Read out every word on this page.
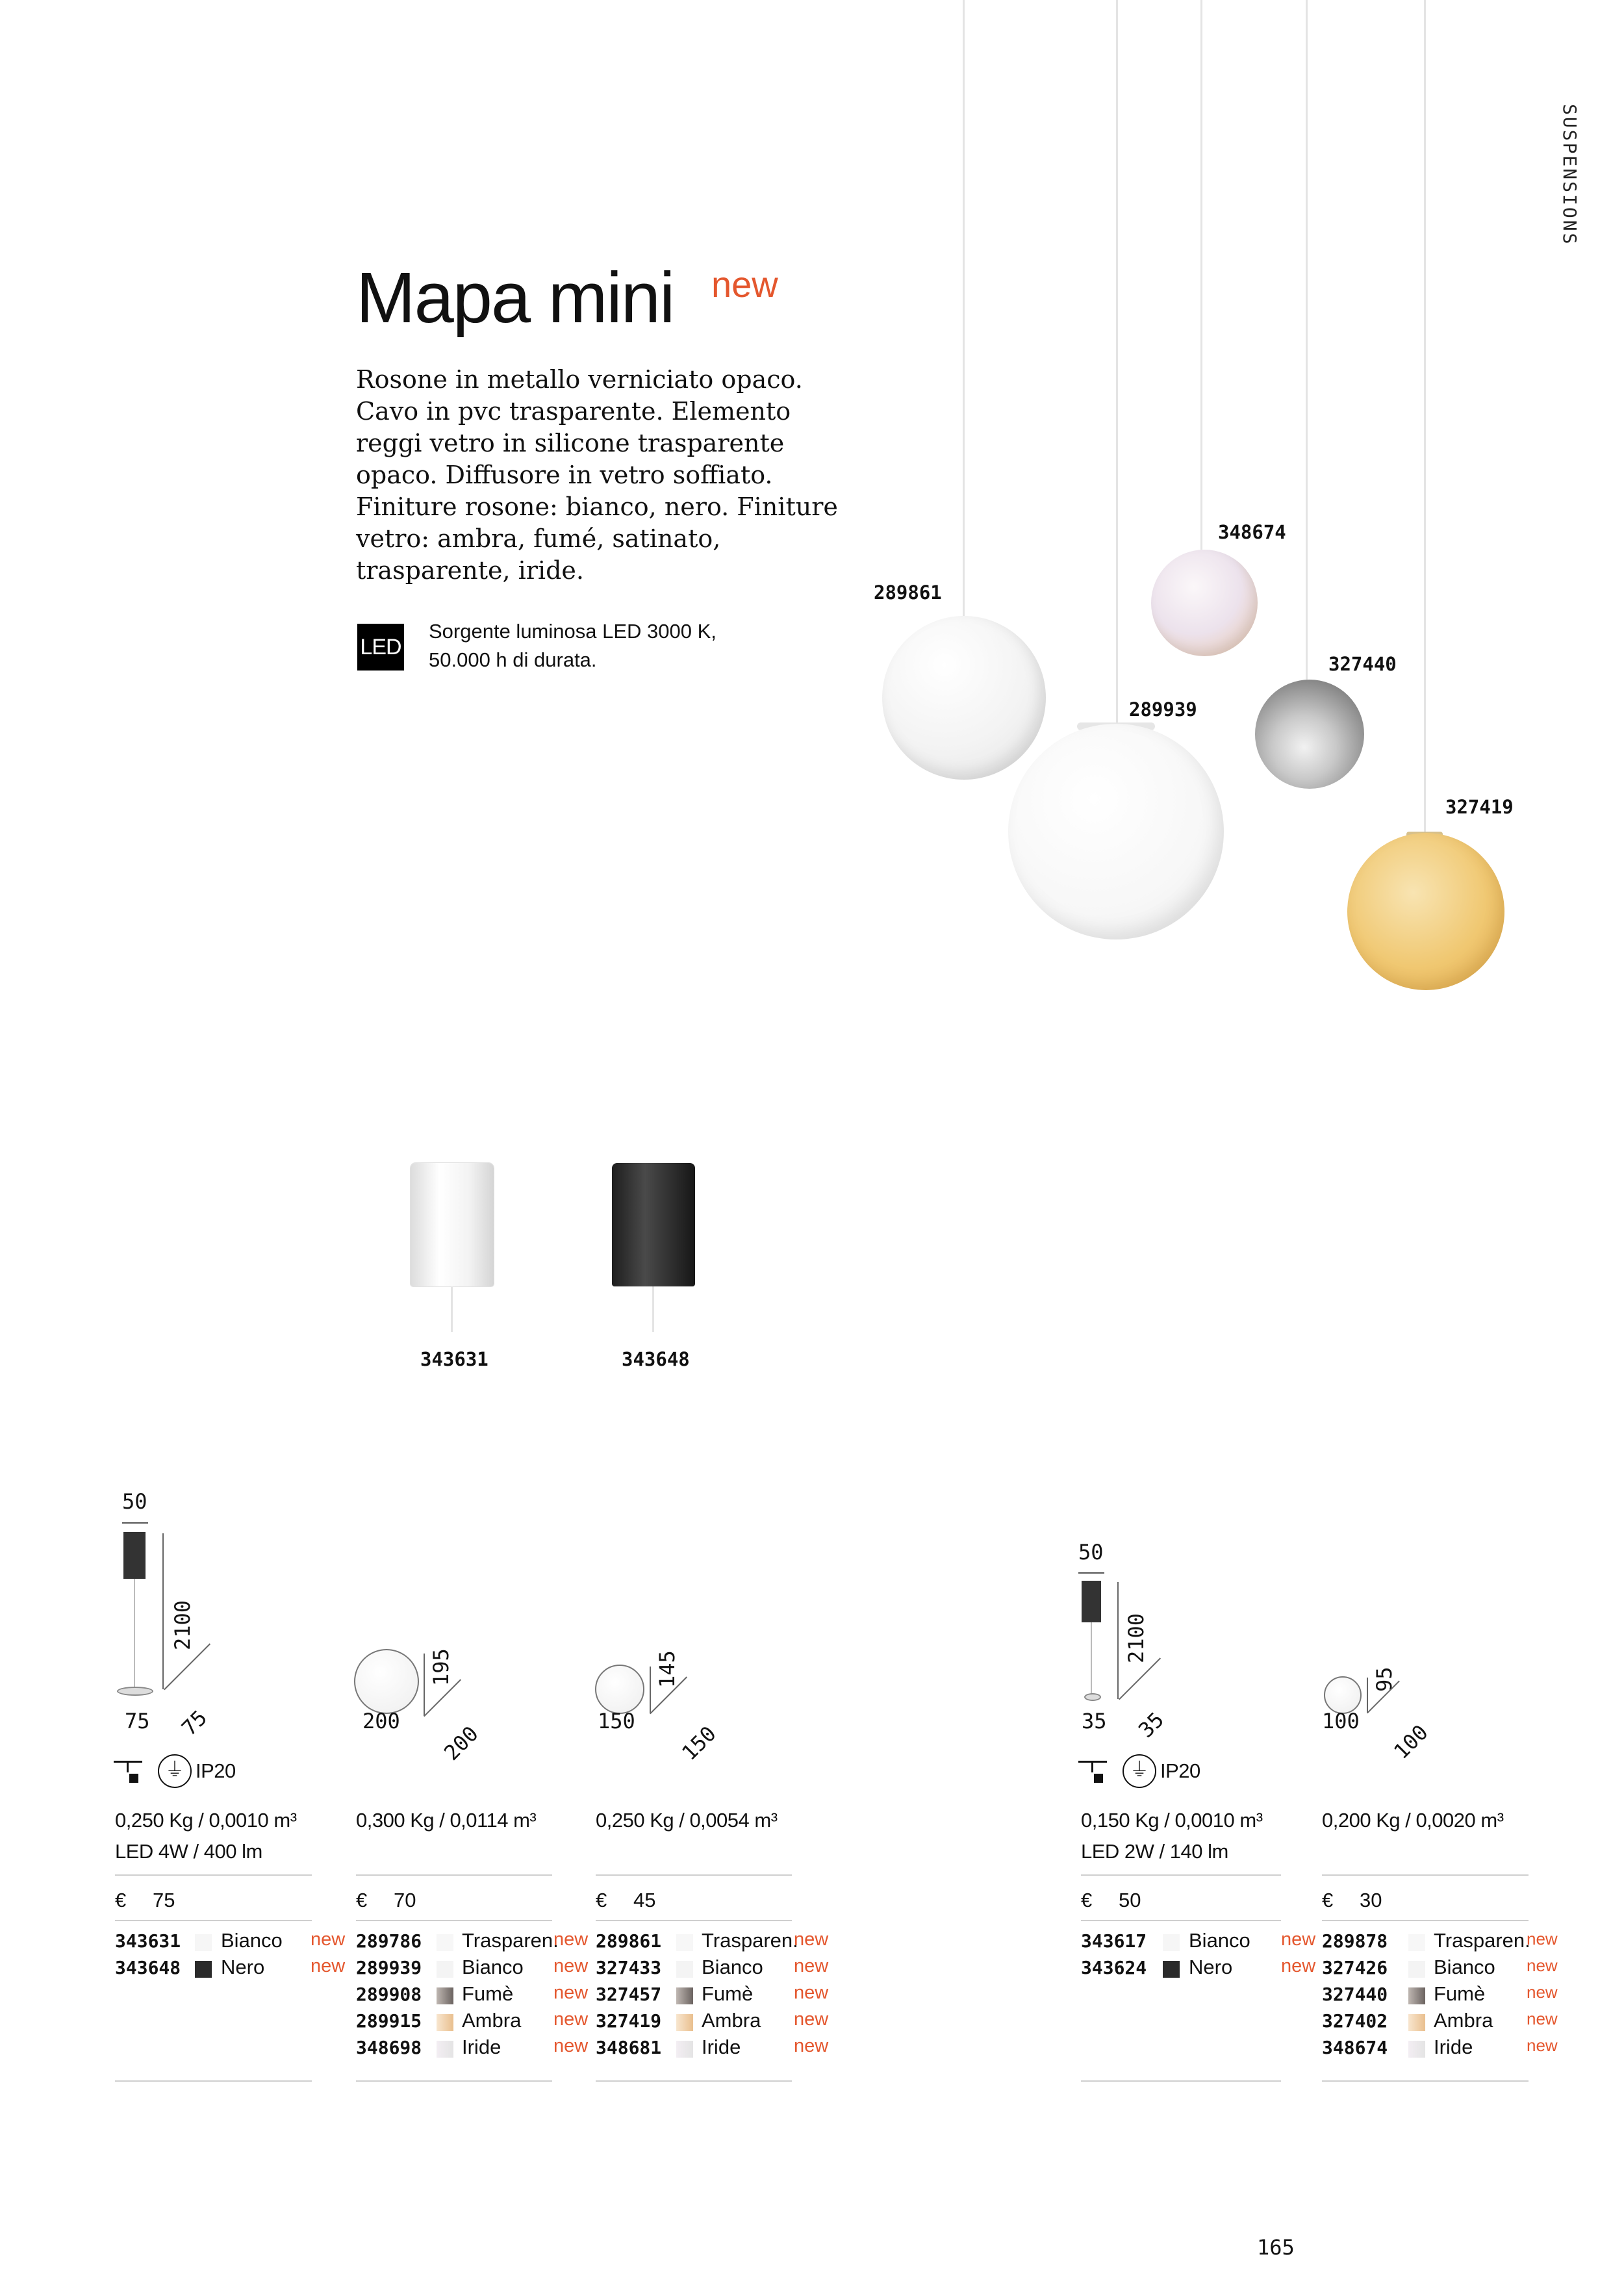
SUSPENSIONS
Mapa mini new
Rosone in metallo verniciato opaco. Cavo in pvc trasparente. Elemento reggi vetro in silicone trasparente opaco. Diffusore in vetro soffiato. Finiture rosone: bianco, nero. Finiture vetro: ambra, fumé, satinato, trasparente, iride.
LED
Sorgente luminosa LED 3000 K,
50.000 h di durata.
289861
348674
289939
327440
327419
343631	343648
50
2100
75
75
⏚ IP20
0,250 Kg / 0,0010 m³
LED 4W / 400 lm
€ 75
343631 Bianco new
343648 Nero new
195
200
200
0,300 Kg / 0,0114 m³
€ 70
289786 Trasparen.
new
289939 Bianco new
289908 Fumè new
289915 Ambra new
348698 Iride	new
145
150
150
0,250 Kg / 0,0054 m³
€ 45
289861 Trasparen.
new
327433 Bianco new
327457 Fumè new
327419 Ambra new
348681 Iride	new
50
2100
35
35
⏚ IP20
0,150 Kg / 0,0010 m³
LED 2W / 140 lm
€ 50
343617 Bianco new
343624 Nero	new
95
100
100
0,200 Kg / 0,0020 m³
€ 30
289878 Trasparen.
new
327426 Bianco new
327440 Fumè new
327402 Ambra new
348674 Iride	new
165
